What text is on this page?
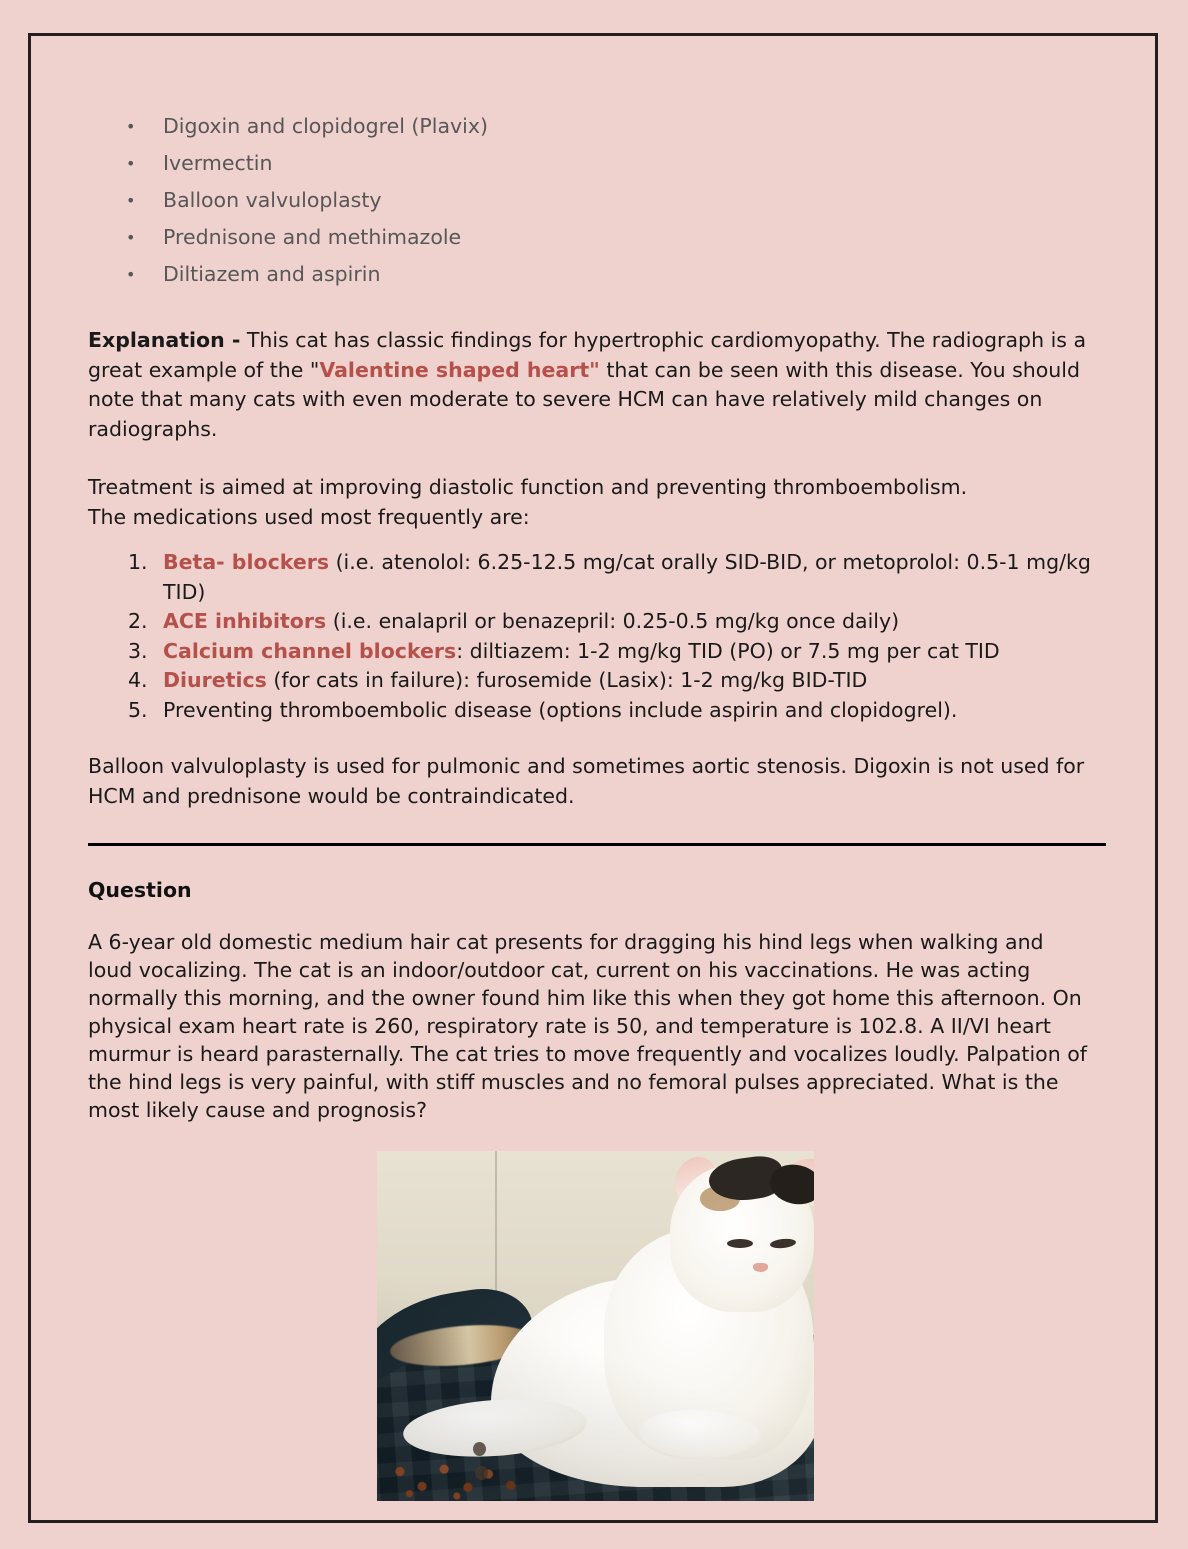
• Digoxin and clopidogrel (Plavix)
• Ivermectin
• Balloon valvuloplasty
• Prednisone and methimazole
• Diltiazem and aspirin

Explanation - This cat has classic findings for hypertrophic cardiomyopathy. The radiograph is a great example of the "Valentine shaped heart" that can be seen with this disease. You should note that many cats with even moderate to severe HCM can have relatively mild changes on radiographs.

Treatment is aimed at improving diastolic function and preventing thromboembolism.
The medications used most frequently are:

Beta- blockers (i.e. atenolol: 6.25-12.5 mg/cat orally SID-BID, or metoprolol: 0.5-1 mg/kg TID)
ACE inhibitors (i.e. enalapril or benazepril: 0.25-0.5 mg/kg once daily)
Calcium channel blockers: diltiazem: 1-2 mg/kg TID (PO) or 7.5 mg per cat TID
Diuretics (for cats in failure): furosemide (Lasix): 1-2 mg/kg BID-TID
Preventing thromboembolic disease (options include aspirin and clopidogrel).

Balloon valvuloplasty is used for pulmonic and sometimes aortic stenosis. Digoxin is not used for HCM and prednisone would be contraindicated.

Question

A 6-year old domestic medium hair cat presents for dragging his hind legs when walking and loud vocalizing. The cat is an indoor/outdoor cat, current on his vaccinations. He was acting normally this morning, and the owner found him like this when they got home this afternoon. On physical exam heart rate is 260, respiratory rate is 50, and temperature is 102.8. A II/VI heart murmur is heard parasternally. The cat tries to move frequently and vocalizes loudly. Palpation of the hind legs is very painful, with stiff muscles and no femoral pulses appreciated. What is the most likely cause and prognosis?
